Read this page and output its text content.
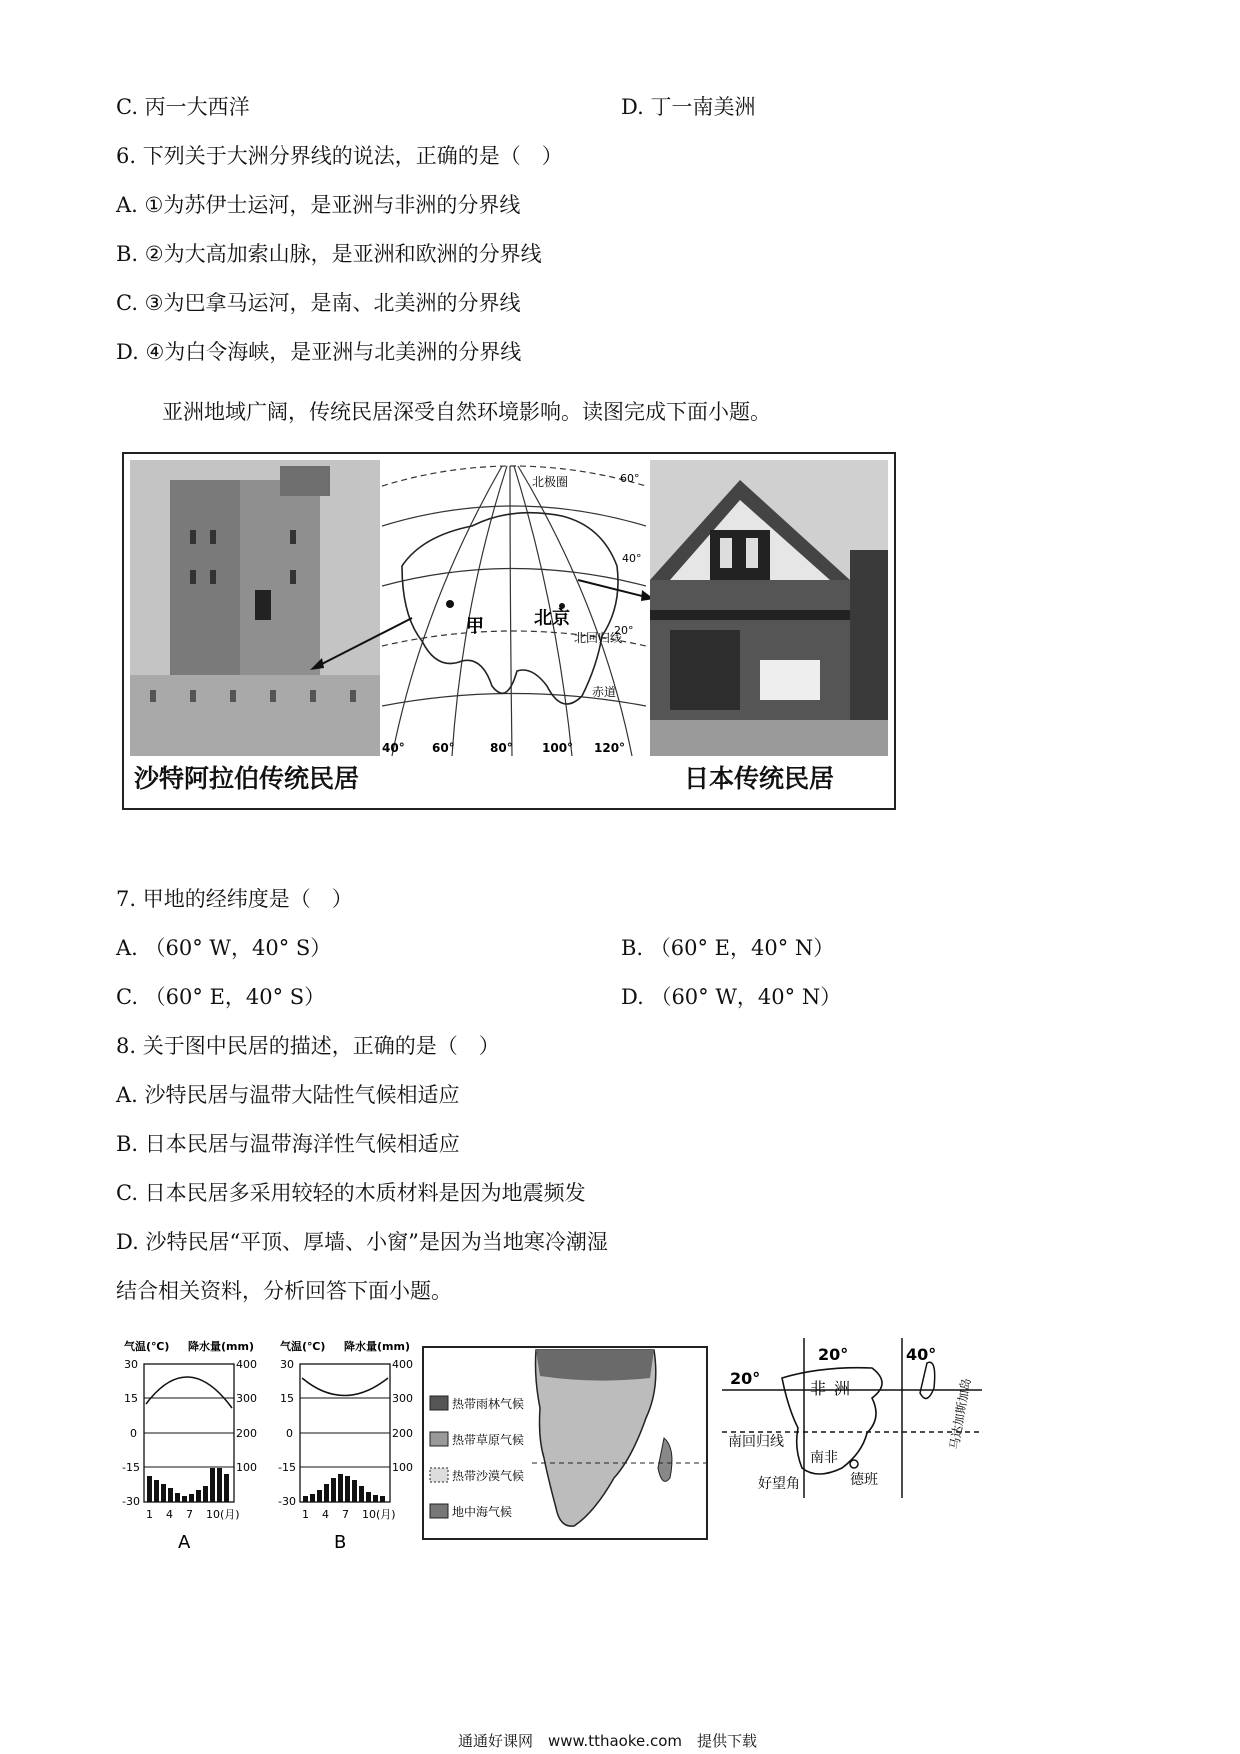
C. 丙一大西洋	D. 丁一南美洲
6. 下列关于大洲分界线的说法，正确的是（　）
A. ①为苏伊士运河，是亚洲与非洲的分界线
B. ②为大高加索山脉，是亚洲和欧洲的分界线
C. ③为巴拿马运河，是南、北美洲的分界线
D. ④为白令海峡，是亚洲与北美洲的分界线
亚洲地域广阔，传统民居深受自然环境影响。读图完成下面小题。
沙特阿拉伯传统民居
甲	北京
北极圈
北回归线
赤道
60°
40°
20°
40° 60°	80° 100° 120°
日本传统民居
7. 甲地的经纬度是（　）
A. （60° W，40° S）	B. （60° E，40° N）
C. （60° E，40° S）	D. （60° W，40° N）
8. 关于图中民居的描述，正确的是（　）
A. 沙特民居与温带大陆性气候相适应
B. 日本民居与温带海洋性气候相适应
C. 日本民居多采用较轻的木质材料是因为地震频发
D. 沙特民居“平顶、厚墙、小窗”是因为当地寒冷潮湿
结合相关资料，分析回答下面小题。
气温(℃) 降水量(mm)
30
15
0
-15
-30
400
300
200
100
1 4 7 10(月)
A
气温(℃) 降水量(mm)
30
15
0
-15
-30
400
300
200
100
1 4 7 10(月)
B
热带雨林气候
热带草原气候
热带沙漠气候
地中海气候
20°	40°
20°
非 洲
南回归线
南非
德班
好望角
马达加斯加岛
通通好课网　www.tthaoke.com　提供下载
